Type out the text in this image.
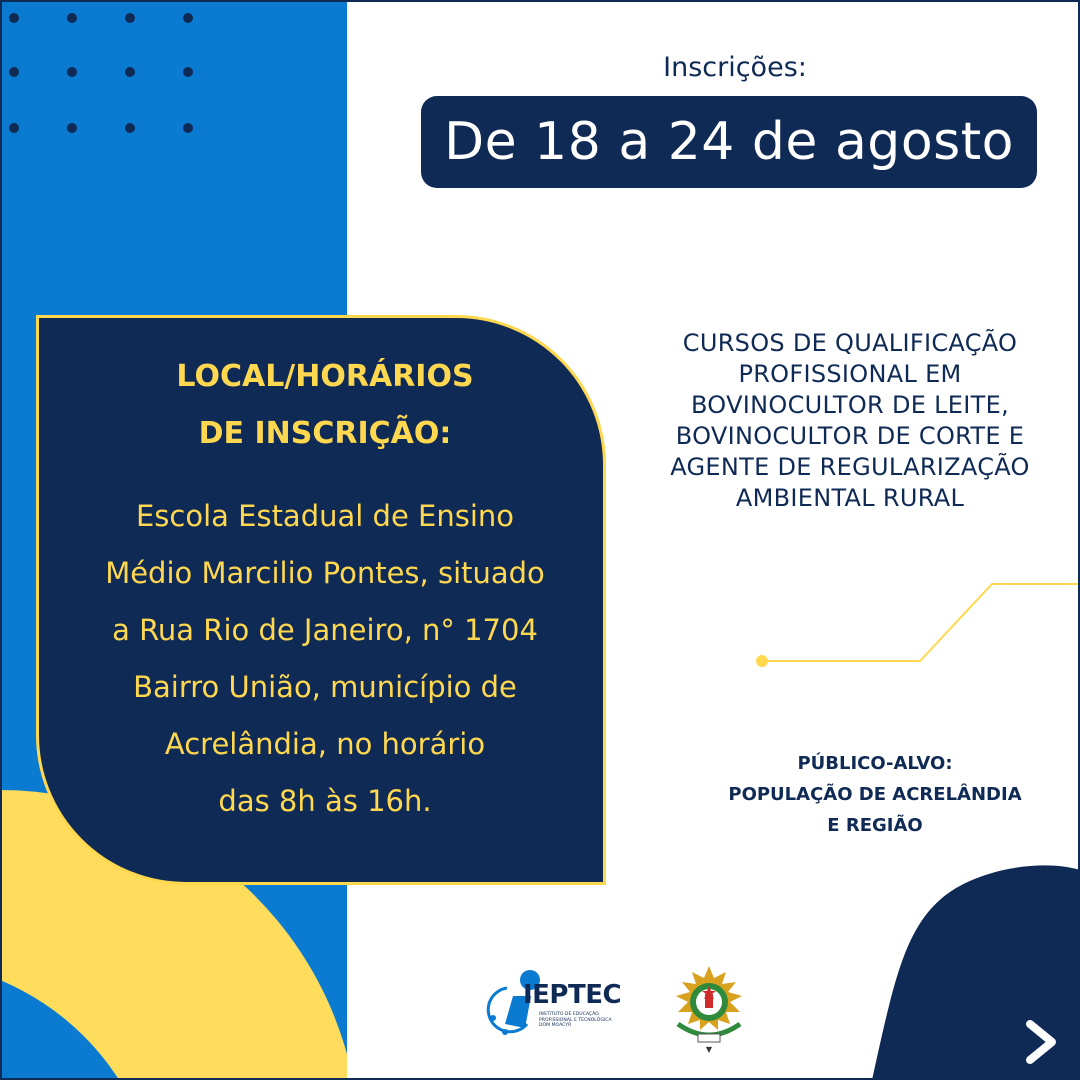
Inscrições:
De 18 a 24 de agosto
LOCAL/HORÁRIOS
DE INSCRIÇÃO:
Escola Estadual de Ensino
Médio Marcilio Pontes, situado
a Rua Rio de Janeiro, n° 1704
Bairro União, município de
Acrelândia, no horário
das 8h às 16h.
CURSOS DE QUALIFICAÇÃO
PROFISSIONAL EM
BOVINOCULTOR DE LEITE,
BOVINOCULTOR DE CORTE E
AGENTE DE REGULARIZAÇÃO
AMBIENTAL RURAL
PÚBLICO-ALVO:
POPULAÇÃO DE ACRELÂNDIA
E REGIÃO
IEPTEC
INSTITUTO DE EDUCAÇÃO PROFISSIONAL E TECNOLÓGICA DOM MOACYR
▼
